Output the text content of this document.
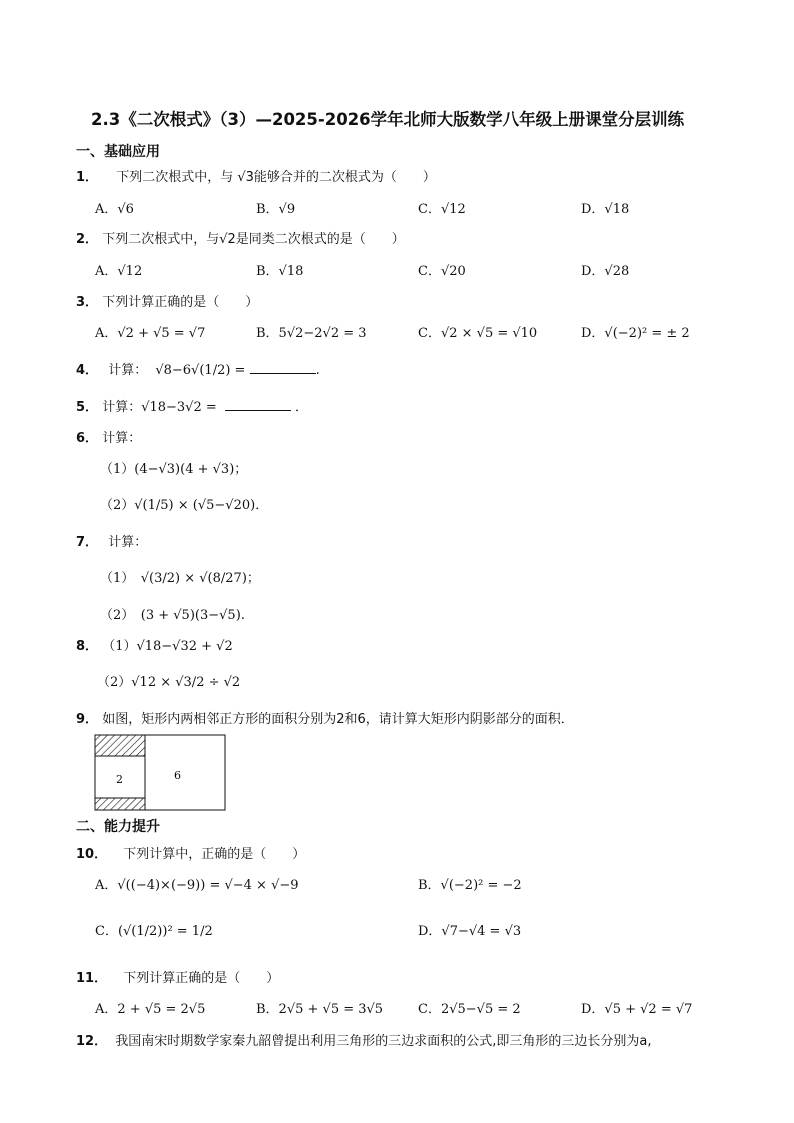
2.3《二次根式》（3）—2025-2026学年北师大版数学八年级上册课堂分层训练
一、基础应用
1． 下列二次根式中，与 √3能够合并的二次根式为（　　）
A．√6	B．√9	C．√12	D．√18
2． 下列二次根式中，与√2是同类二次根式的是（　　）
A．√12	B．√18	C．√20	D．√28
3． 下列计算正确的是（　　）
A．√2 + √5 = √7	B．5√2−2√2 = 3	C．√2 × √5 = √10	D．√(−2)² = ± 2
4． 计算： √8−6√(1/2) =	.
5． 计算：√18−3√2 =	．
6． 计算：
（1）(4−√3)(4 + √3)；
（2）√(1/5) × (√5−√20)．
7． 计算：
（1）　√(3/2) × √(8/27)；
（2）　(3 + √5)(3−√5).
8． （1）√18−√32 + √2
（2）√12 × √3/2 ÷ √2
9． 如图，矩形内两相邻正方形的面积分别为2和6，请计算大矩形内阴影部分的面积．
2	6
二、能力提升
10． 下列计算中，正确的是（　　）
A．√((−4)×(−9)) = √−4 × √−9	B．√(−2)² = −2
C．(√(1/2))² = 1/2	D．√7−√4 = √3
11． 下列计算正确的是（　　）
A．2 + √5 = 2√5	B．2√5 + √5 = 3√5	C．2√5−√5 = 2	D．√5 + √2 = √7
12． 我国南宋时期数学家秦九韶曾提出利用三角形的三边求面积的公式,即三角形的三边长分别为a,
